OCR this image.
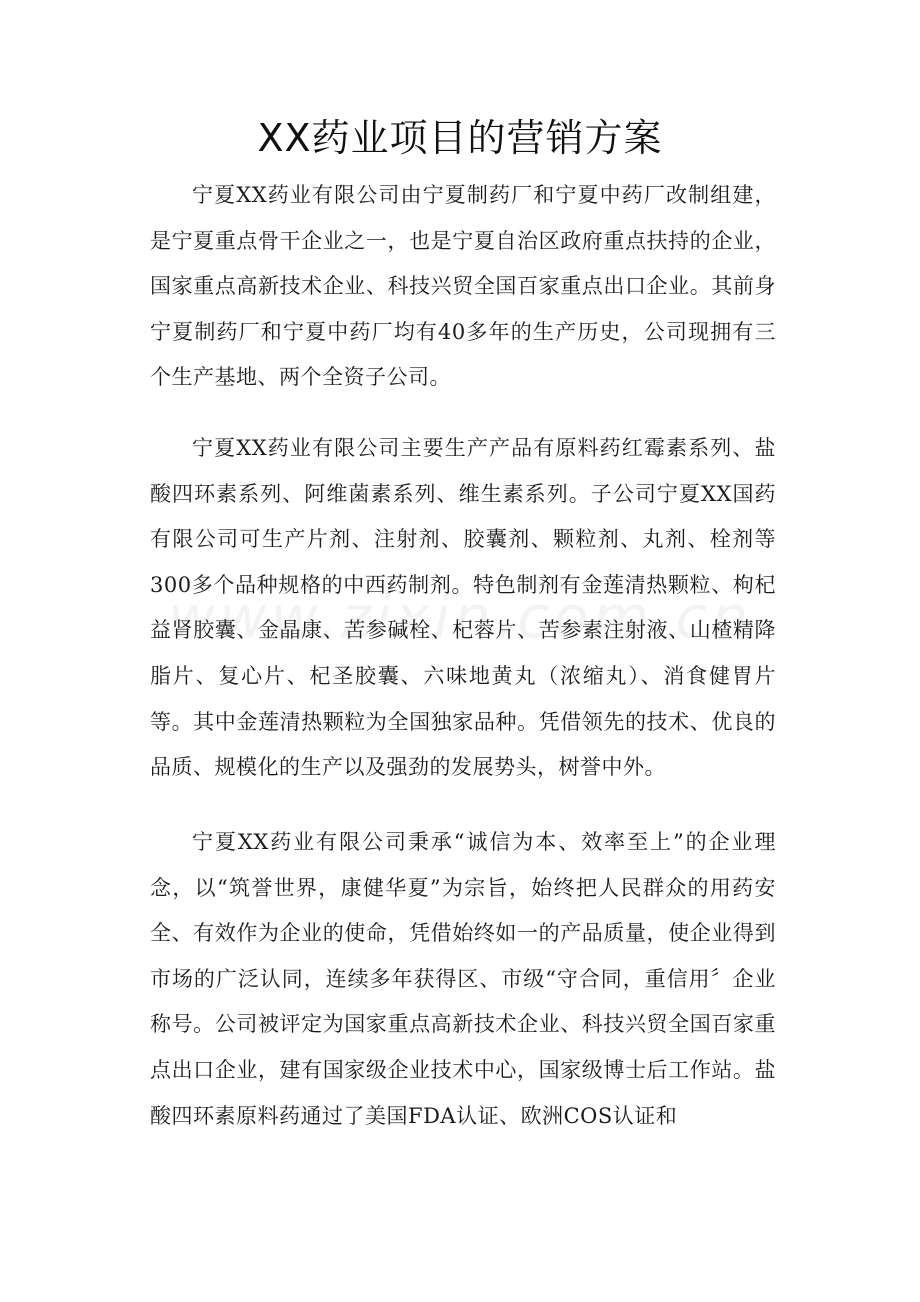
XX药业项目的营销方案

宁夏XX药业有限公司由宁夏制药厂和宁夏中药厂改制组建，是宁夏重点骨干企业之一，也是宁夏自治区政府重点扶持的企业，国家重点高新技术企业、科技兴贸全国百家重点出口企业。其前身宁夏制药厂和宁夏中药厂均有40多年的生产历史，公司现拥有三个生产基地、两个全资子公司。

宁夏XX药业有限公司主要生产产品有原料药红霉素系列、盐酸四环素系列、阿维菌素系列、维生素系列。子公司宁夏XX国药有限公司可生产片剂、注射剂、胶囊剂、颗粒剂、丸剂、栓剂等300多个品种规格的中西药制剂。特色制剂有金莲清热颗粒、枸杞益肾胶囊、金晶康、苦参碱栓、杞蓉片、苦参素注射液、山楂精降脂片、复心片、杞圣胶囊、六味地黄丸（浓缩丸）、消食健胃片等。其中金莲清热颗粒为全国独家品种。凭借领先的技术、优良的品质、规模化的生产以及强劲的发展势头，树誉中外。

宁夏XX药业有限公司秉承“诚信为本、效率至上”的企业理念，以“筑誉世界，康健华夏”为宗旨，始终把人民群众的用药安全、有效作为企业的使命，凭借始终如一的产品质量，使企业得到市场的广泛认同，连续多年获得区、市级“守合同，重信用〞企业称号。公司被评定为国家重点高新技术企业、科技兴贸全国百家重点出口企业，建有国家级企业技术中心，国家级博士后工作站。盐酸四环素原料药通过了美国FDA认证、欧洲COS认证和
